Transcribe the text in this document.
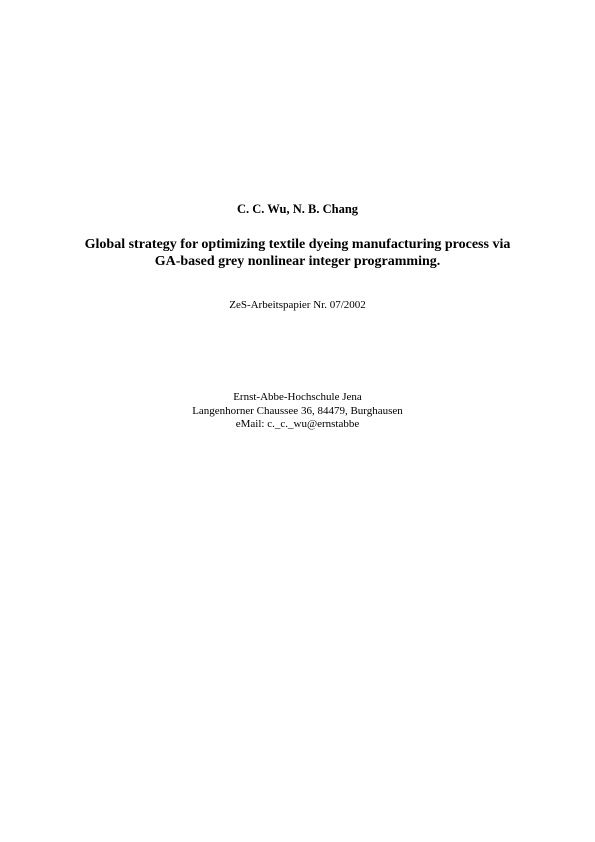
C. C. Wu, N. B. Chang
Global strategy for optimizing textile dyeing manufacturing process via
GA-based grey nonlinear integer programming.
ZeS-Arbeitspapier Nr. 07/2002
Ernst-Abbe-Hochschule Jena
Langenhorner Chaussee 36, 84479, Burghausen
eMail: c._c._wu@ernstabbe
